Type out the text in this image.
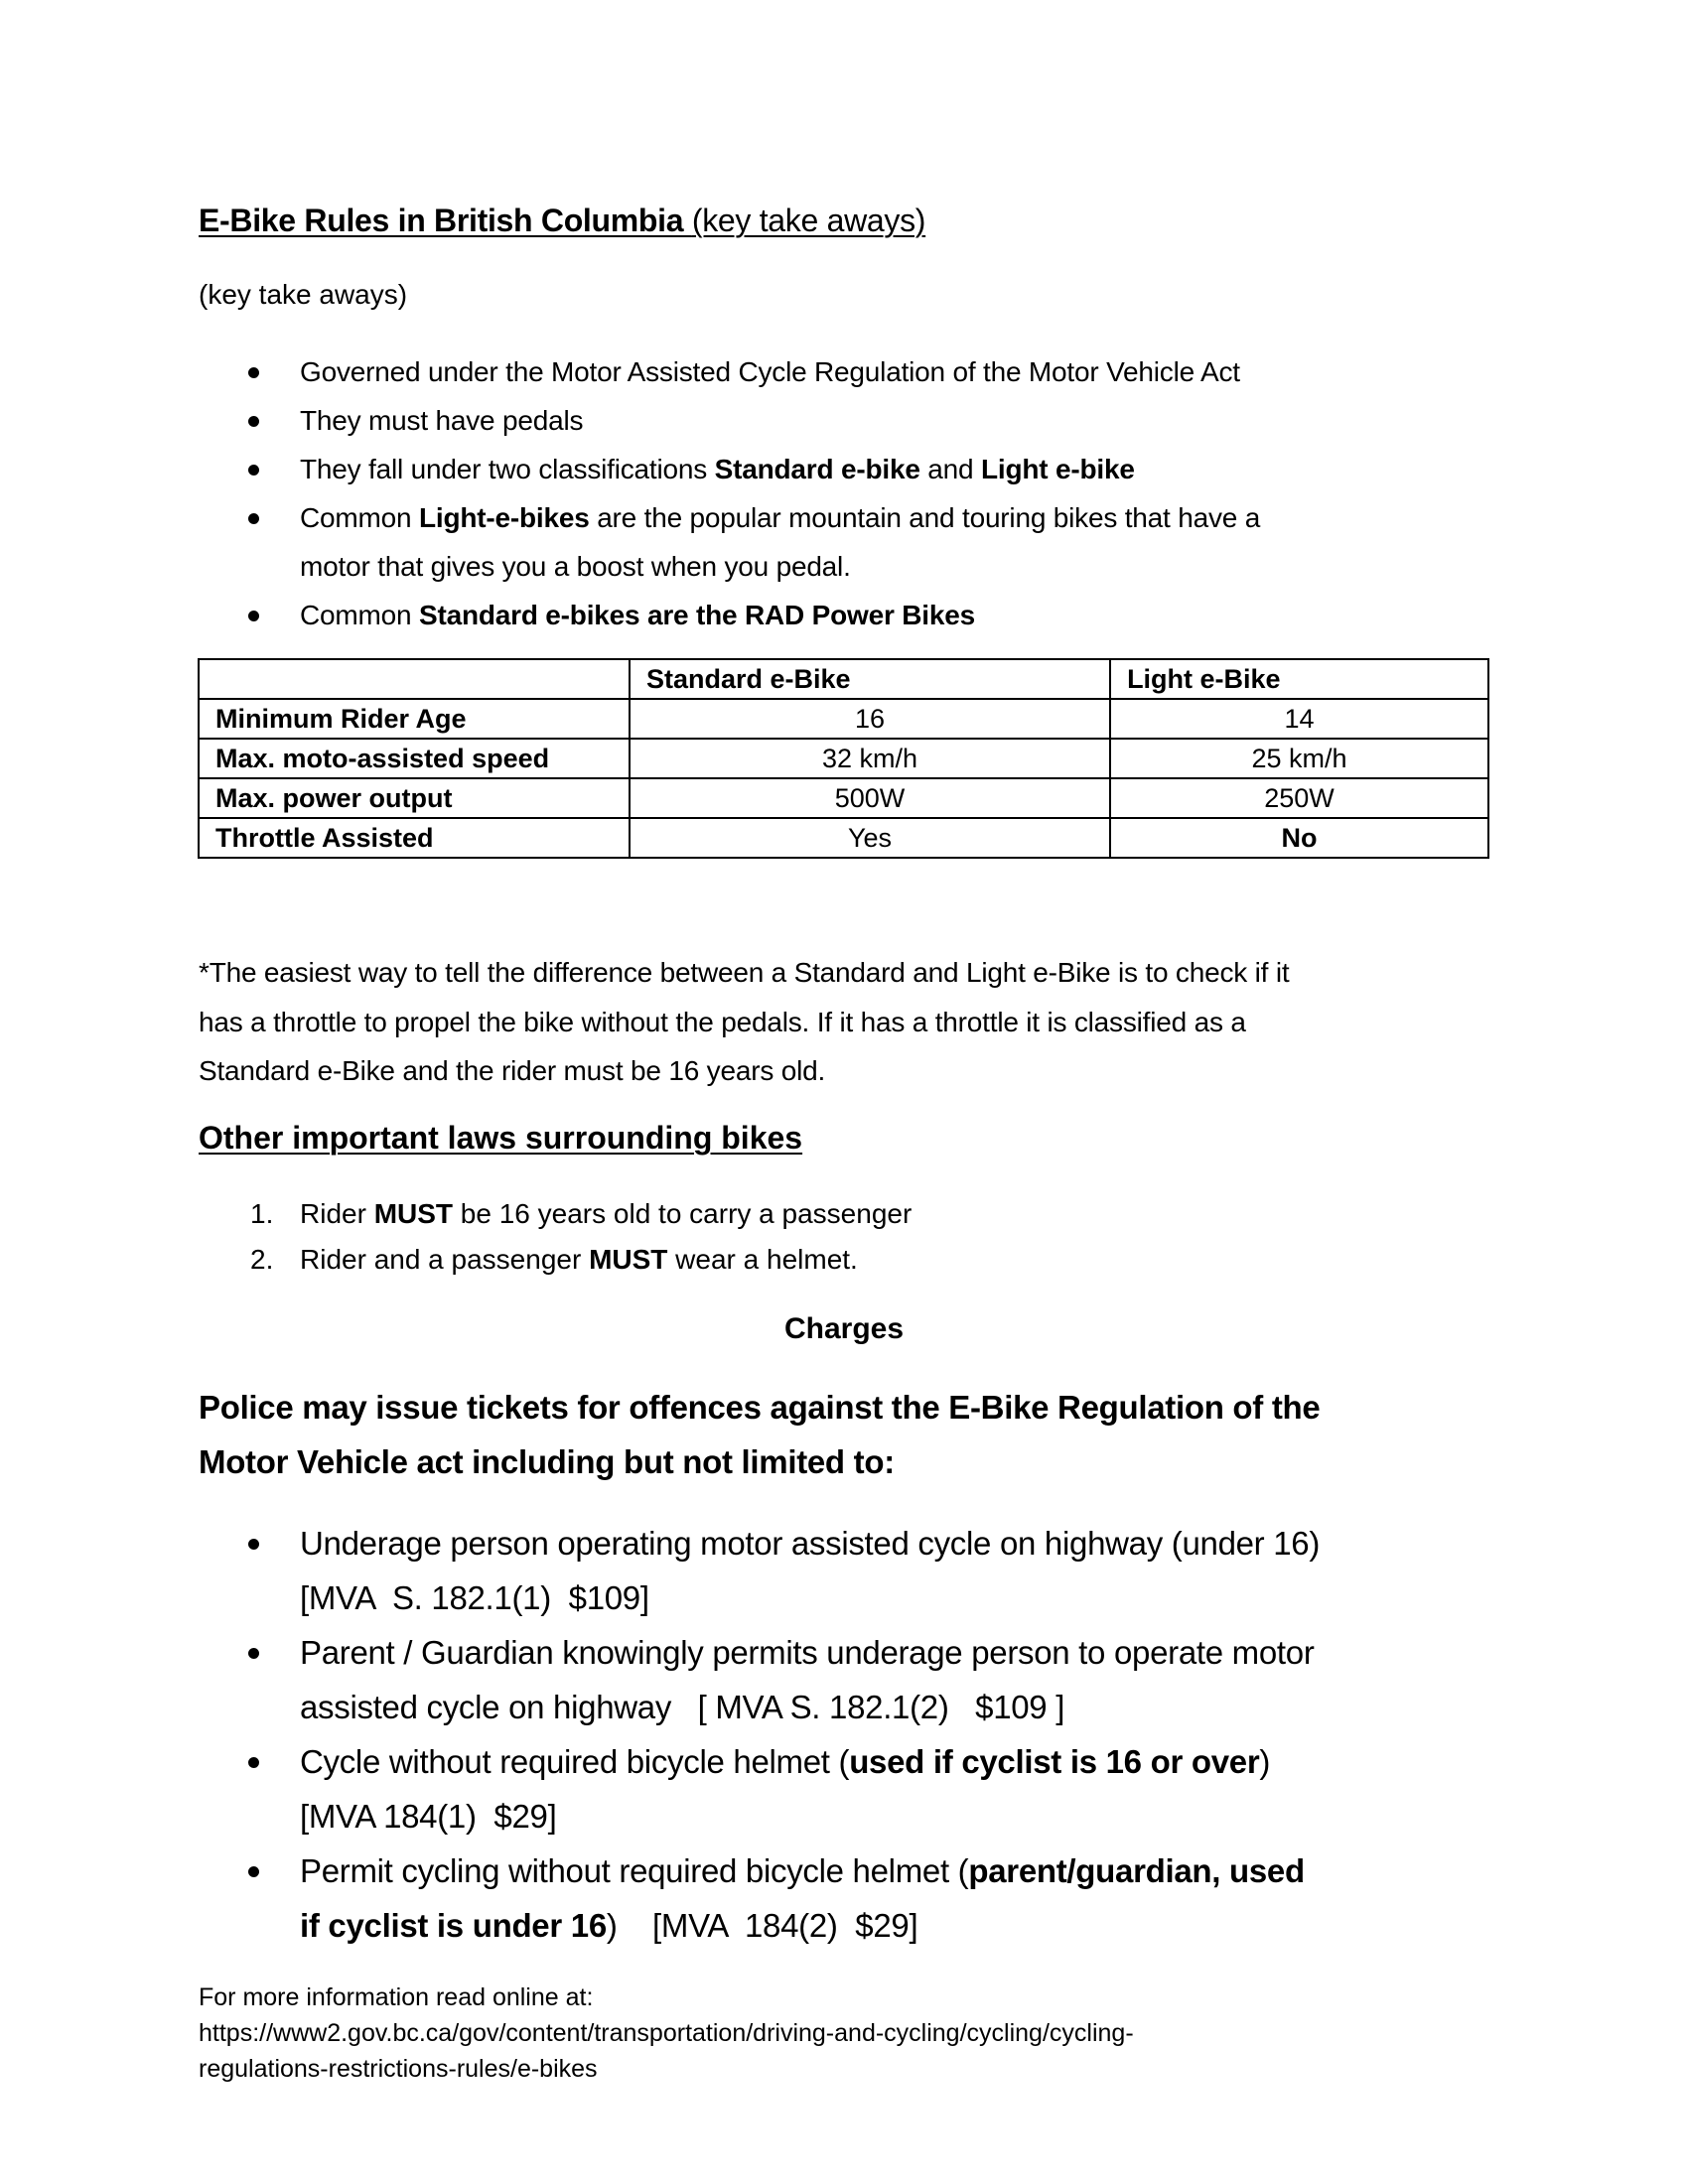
E-Bike Rules in British Columbia (key take aways)
(key take aways)
Governed under the Motor Assisted Cycle Regulation of the Motor Vehicle Act
They must have pedals
They fall under two classifications Standard e-bike and Light e-bike
Common Light-e-bikes are the popular mountain and touring bikes that have a
motor that gives you a boost when you pedal.
Common Standard e-bikes are the RAD Power Bikes
	Standard e-Bike	Light e-Bike
Minimum Rider Age	16	14
Max. moto-assisted speed	32 km/h	25 km/h
Max. power output	500W	250W
Throttle Assisted	Yes	No
*The easiest way to tell the difference between a Standard and Light e-Bike is to check if it
has a throttle to propel the bike without the pedals. If it has a throttle it is classified as a
Standard e-Bike and the rider must be 16 years old.
Other important laws surrounding bikes
1. Rider MUST be 16 years old to carry a passenger
2. Rider and a passenger MUST wear a helmet.
Charges
Police may issue tickets for offences against the E-Bike Regulation of the
Motor Vehicle act including but not limited to:
Underage person operating motor assisted cycle on highway (under 16)
[MVA  S. 182.1(1)  $109]
Parent / Guardian knowingly permits underage person to operate motor
assisted cycle on highway   [ MVA S. 182.1(2)   $109 ]
Cycle without required bicycle helmet (used if cyclist is 16 or over)
[MVA 184(1)  $29]
Permit cycling without required bicycle helmet (parent/guardian, used
if cyclist is under 16)    [MVA  184(2)  $29]
For more information read online at:
https://www2.gov.bc.ca/gov/content/transportation/driving-and-cycling/cycling/cycling-
regulations-restrictions-rules/e-bikes
